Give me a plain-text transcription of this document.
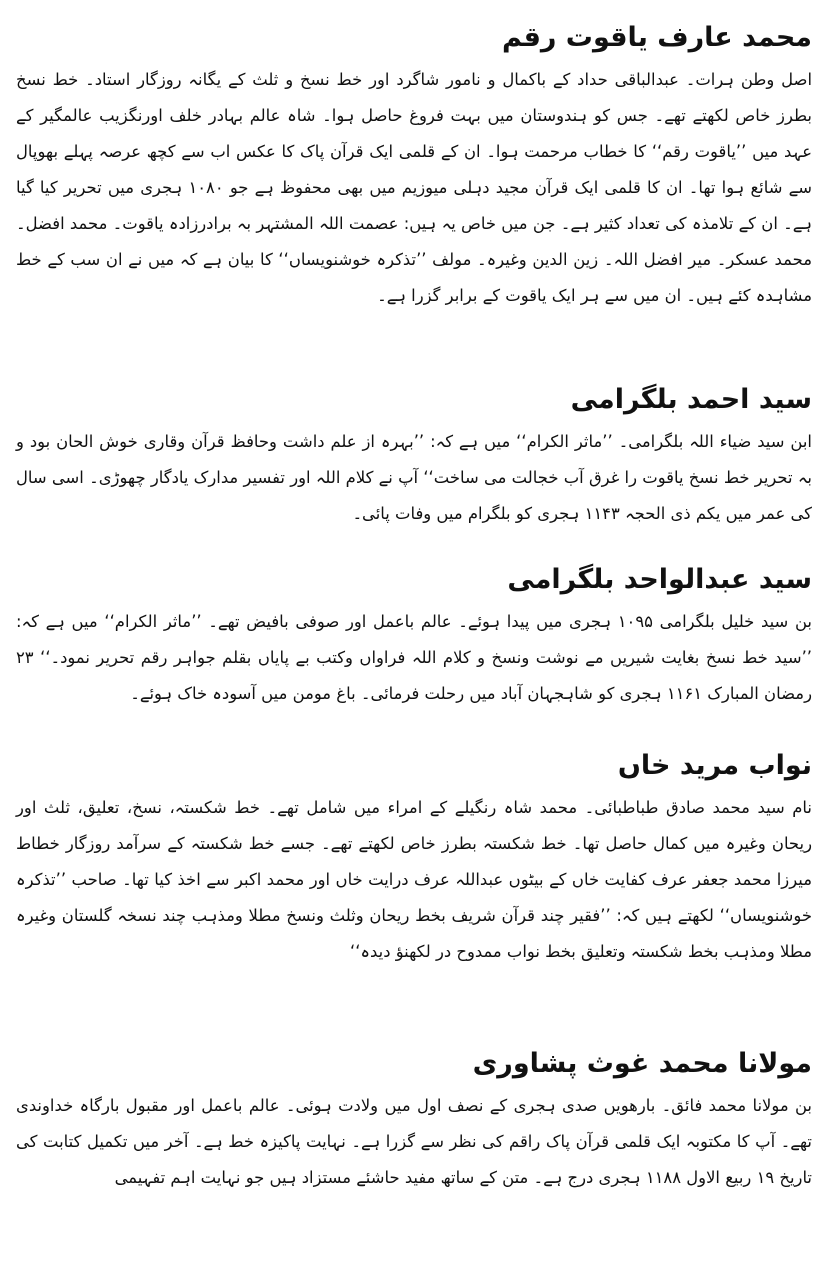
محمد عارف یاقوت رقم

اصل وطن ہرات۔ عبدالباقی حداد کے باکمال و نامور شاگرد اور خط نسخ و ثلث کے یگانہ روزگار استاد۔ خط نسخ بطرز خاص لکھتے تھے۔ جس کو ہندوستان میں بہت فروغ حاصل ہوا۔ شاہ عالم بہادر خلف اورنگزیب عالمگیر کے عہد میں ’’یاقوت رقم‘‘ کا خطاب مرحمت ہوا۔ ان کے قلمی ایک قرآن پاک کا عکس اب سے کچھ عرصہ پہلے بھوپال سے شائع ہوا تھا۔ ان کا قلمی ایک قرآن مجید دہلی میوزیم میں بھی محفوظ ہے جو ۱۰۸۰ ہجری میں تحریر کیا گیا ہے۔ ان کے تلامذہ کی تعداد کثیر ہے۔ جن میں خاص یہ ہیں: عصمت اللہ المشتہر بہ برادرزادہ یاقوت۔ محمد افضل۔ محمد عسکر۔ میر افضل اللہ۔ زین الدین وغیرہ۔ مولف ’’تذکرہ خوشنویساں‘‘ کا بیان ہے کہ میں نے ان سب کے خط مشاہدہ کئے ہیں۔ ان میں سے ہر ایک یاقوت کے برابر گزرا ہے۔

سید احمد بلگرامی

ابن سید ضیاء اللہ بلگرامی۔ ’’ماثر الکرام‘‘ میں ہے کہ: ’’بہرہ از علم داشت وحافظ قرآن وقاری خوش الحان بود و بہ تحریر خط نسخ یاقوت را غرق آب خجالت می ساخت‘‘ آپ نے کلام اللہ اور تفسیر مدارک یادگار چھوڑی۔ اسی سال کی عمر میں یکم ذی الحجہ ۱۱۴۳ ہجری کو بلگرام میں وفات پائی۔

سید عبدالواحد بلگرامی

بن سید خلیل بلگرامی ۱۰۹۵ ہجری میں پیدا ہوئے۔ عالم باعمل اور صوفی بافیض تھے۔ ’’ماثر الکرام‘‘ میں ہے کہ: ’’سید خط نسخ بغایت شیریں مے نوشت ونسخ و کلام اللہ فراواں وکتب بے پایاں بقلم جواہر رقم تحریر نمود۔‘‘ ۲۳ رمضان المبارک ۱۱۶۱ ہجری کو شاہجہان آباد میں رحلت فرمائی۔ باغ مومن میں آسودہ خاک ہوئے۔

نواب مرید خاں

نام سید محمد صادق طباطبائی۔ محمد شاہ رنگیلے کے امراء میں شامل تھے۔ خط شکستہ، نسخ، تعلیق، ثلث اور ریحان وغیرہ میں کمال حاصل تھا۔ خط شکستہ بطرز خاص لکھتے تھے۔ جسے خط شکستہ کے سرآمد روزگار خطاط میرزا محمد جعفر عرف کفایت خاں کے بیٹوں عبداللہ عرف درایت خاں اور محمد اکبر سے اخذ کیا تھا۔ صاحب ’’تذکرہ خوشنویساں‘‘ لکھتے ہیں کہ: ’’فقیر چند قرآن شریف بخط ریحان وثلث ونسخ مطلا ومذہب چند نسخہ گلستان وغیرہ مطلا ومذہب بخط شکستہ وتعلیق بخط نواب ممدوح در لکھنؤ دیدہ‘‘

مولانا محمد غوث پشاوری

بن مولانا محمد فائق۔ بارھویں صدی ہجری کے نصف اول میں ولادت ہوئی۔ عالم باعمل اور مقبول بارگاہ خداوندی تھے۔ آپ کا مکتوبہ ایک قلمی قرآن پاک راقم کی نظر سے گزرا ہے۔ نہایت پاکیزہ خط ہے۔ آخر میں تکمیل کتابت کی تاریخ ۱۹ ربیع الاول ۱۱۸۸ ہجری درج ہے۔ متن کے ساتھ مفید حاشئے مستزاد ہیں جو نہایت اہم تفہیمی
